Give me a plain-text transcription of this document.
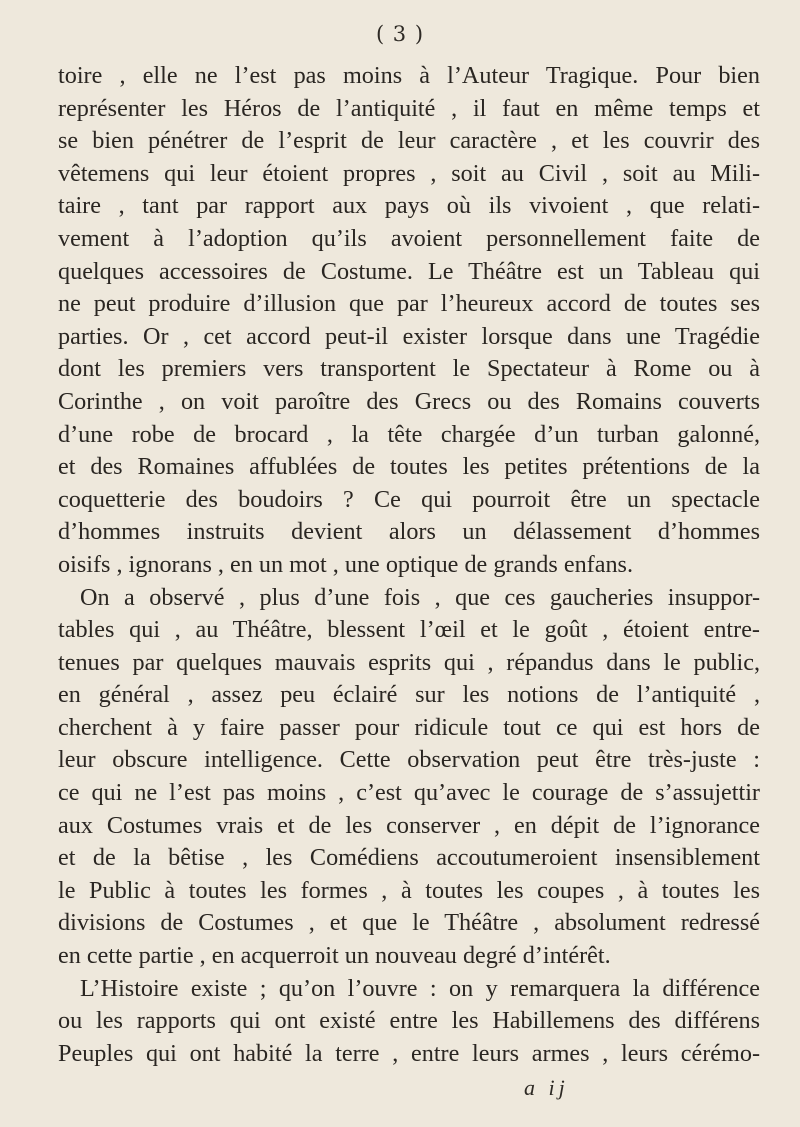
( 3 )
toire , elle ne l’est pas moins à l’Auteur Tragique. Pour bien
représenter les Héros de l’antiquité , il faut en même temps et
se bien pénétrer de l’esprit de leur caractère , et les couvrir des
vêtemens qui leur étoient propres , soit au Civil , soit au Mili-
taire , tant par rapport aux pays où ils vivoient , que relati-
vement à l’adoption qu’ils avoient personnellement faite de
quelques accessoires de Costume. Le Théâtre est un Tableau qui
ne peut produire d’illusion que par l’heureux accord de toutes ses
parties. Or , cet accord peut-il exister lorsque dans une Tragédie
dont les premiers vers transportent le Spectateur à Rome ou à
Corinthe , on voit paroître des Grecs ou des Romains couverts
d’une robe de brocard , la tête chargée d’un turban galonné,
et des Romaines affublées de toutes les petites prétentions de la
coquetterie des boudoirs ? Ce qui pourroit être un spectacle
d’hommes instruits devient alors un délassement d’hommes
oisifs , ignorans , en un mot , une optique de grands enfans.
On a observé , plus d’une fois , que ces gaucheries insuppor-
tables qui , au Théâtre, blessent l’œil et le goût , étoient entre-
tenues par quelques mauvais esprits qui , répandus dans le public,
en général , assez peu éclairé sur les notions de l’antiquité ,
cherchent à y faire passer pour ridicule tout ce qui est hors de
leur obscure intelligence. Cette observation peut être très-juste :
ce qui ne l’est pas moins , c’est qu’avec le courage de s’assujettir
aux Costumes vrais et de les conserver , en dépit de l’ignorance
et de la bêtise , les Comédiens accoutumeroient insensiblement
le Public à toutes les formes , à toutes les coupes , à toutes les
divisions de Costumes , et que le Théâtre , absolument redressé
en cette partie , en acquerroit un nouveau degré d’intérêt.
L’Histoire existe ; qu’on l’ouvre : on y remarquera la différence
ou les rapports qui ont existé entre les Habillemens des différens
Peuples qui ont habité la terre , entre leurs armes , leurs cérémo-
a ij
